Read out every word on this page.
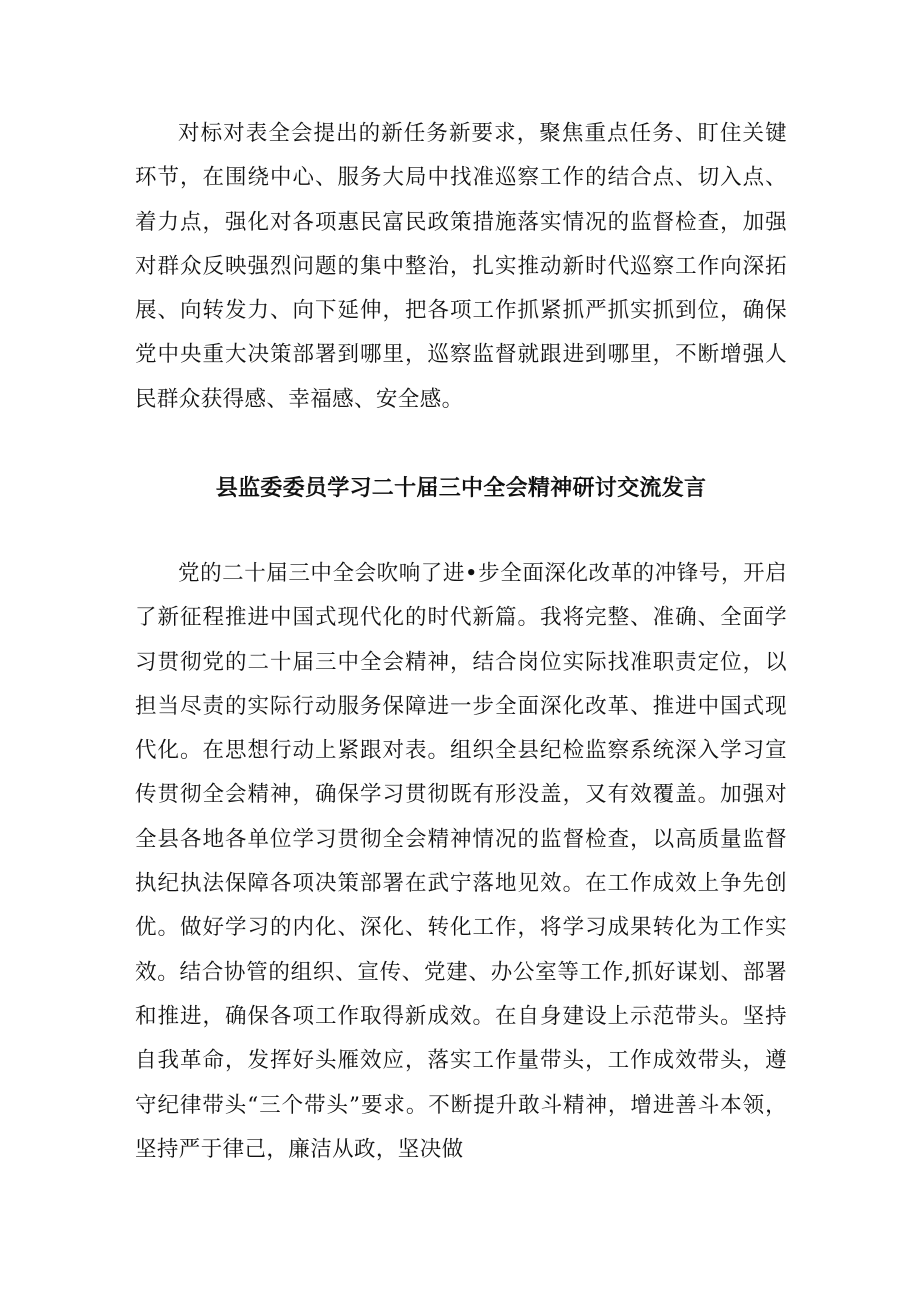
对标对表全会提出的新任务新要求，聚焦重点任务、盯住关键环节，在围绕中心、服务大局中找准巡察工作的结合点、切入点、着力点，强化对各项惠民富民政策措施落实情况的监督检查，加强对群众反映强烈问题的集中整治，扎实推动新时代巡察工作向深拓展、向转发力、向下延伸，把各项工作抓紧抓严抓实抓到位，确保党中央重大决策部署到哪里，巡察监督就跟进到哪里，不断增强人民群众获得感、幸福感、安全感。

县监委委员学习二十届三中全会精神研讨交流发言

党的二十届三中全会吹响了进•步全面深化改革的冲锋号，开启了新征程推进中国式现代化的时代新篇。我将完整、准确、全面学习贯彻党的二十届三中全会精神，结合岗位实际找准职责定位，以担当尽责的实际行动服务保障进一步全面深化改革、推进中国式现代化。在思想行动上紧跟对表。组织全县纪检监察系统深入学习宣传贯彻全会精神，确保学习贯彻既有形没盖，又有效覆盖。加强对全县各地各单位学习贯彻全会精神情况的监督检查，以高质量监督执纪执法保障各项决策部署在武宁落地见效。在工作成效上争先创优。做好学习的内化、深化、转化工作，将学习成果转化为工作实效。结合协管的组织、宣传、党建、办公室等工作,抓好谋划、部署和推进，确保各项工作取得新成效。在自身建设上示范带头。坚持自我革命，发挥好头雁效应，落实工作量带头，工作成效带头，遵守纪律带头“三个带头”要求。不断提升敢斗精神，增进善斗本领，坚持严于律己，廉洁从政，坚决做
